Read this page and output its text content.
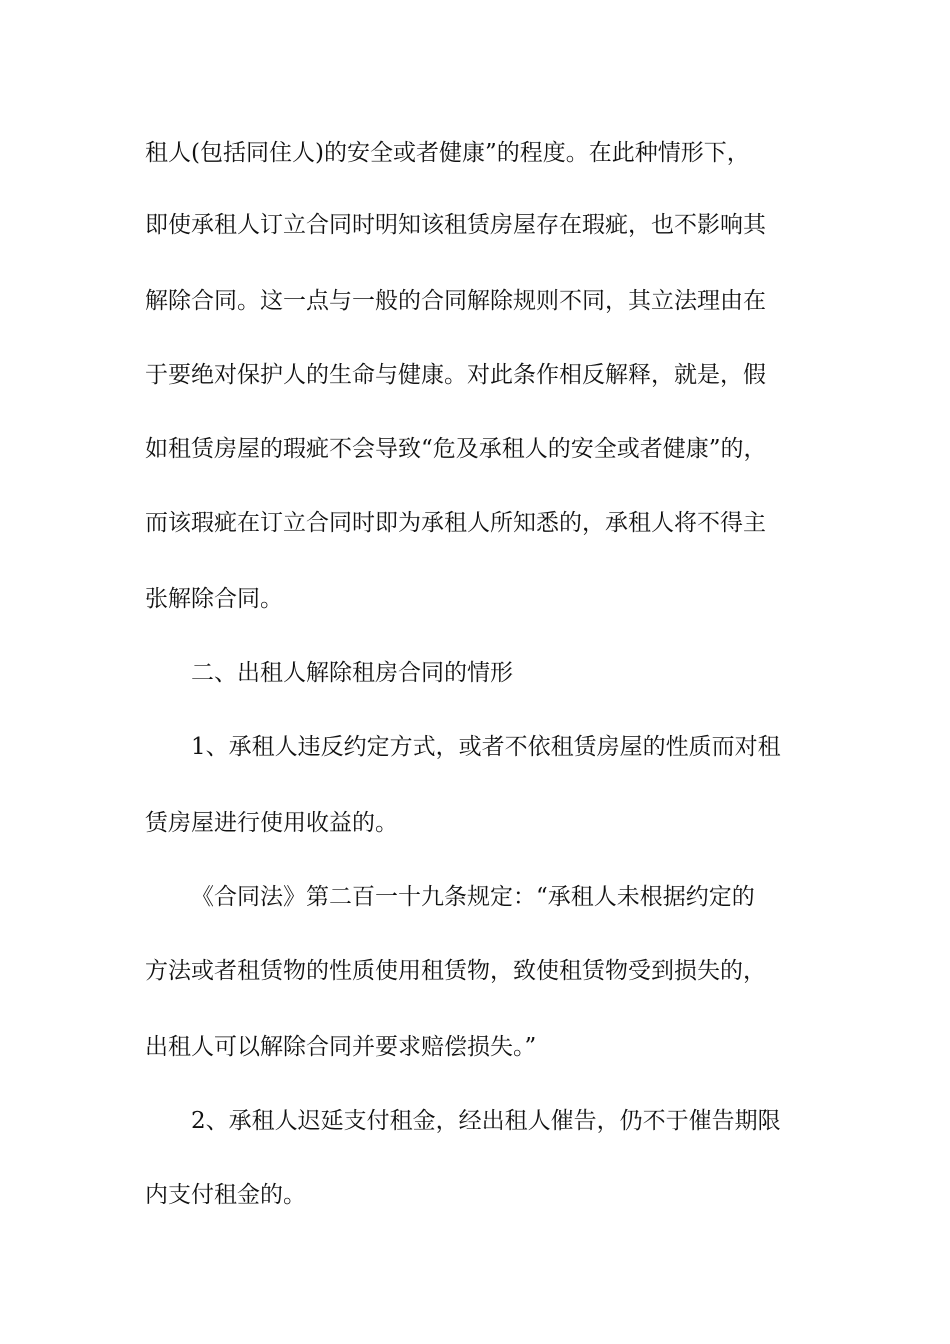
租人(包括同住人)的安全或者健康”的程度。在此种情形下，

即使承租人订立合同时明知该租赁房屋存在瑕疵，也不影响其

解除合同。这一点与一般的合同解除规则不同，其立法理由在

于要绝对保护人的生命与健康。对此条作相反解释，就是，假

如租赁房屋的瑕疵不会导致“危及承租人的安全或者健康”的，

而该瑕疵在订立合同时即为承租人所知悉的，承租人将不得主

张解除合同。

二、出租人解除租房合同的情形

1、承租人违反约定方式，或者不依租赁房屋的性质而对租

赁房屋进行使用收益的。

《合同法》第二百一十九条规定：“承租人未根据约定的

方法或者租赁物的性质使用租赁物，致使租赁物受到损失的，

出租人可以解除合同并要求赔偿损失。”

2、承租人迟延支付租金，经出租人催告，仍不于催告期限

内支付租金的。
